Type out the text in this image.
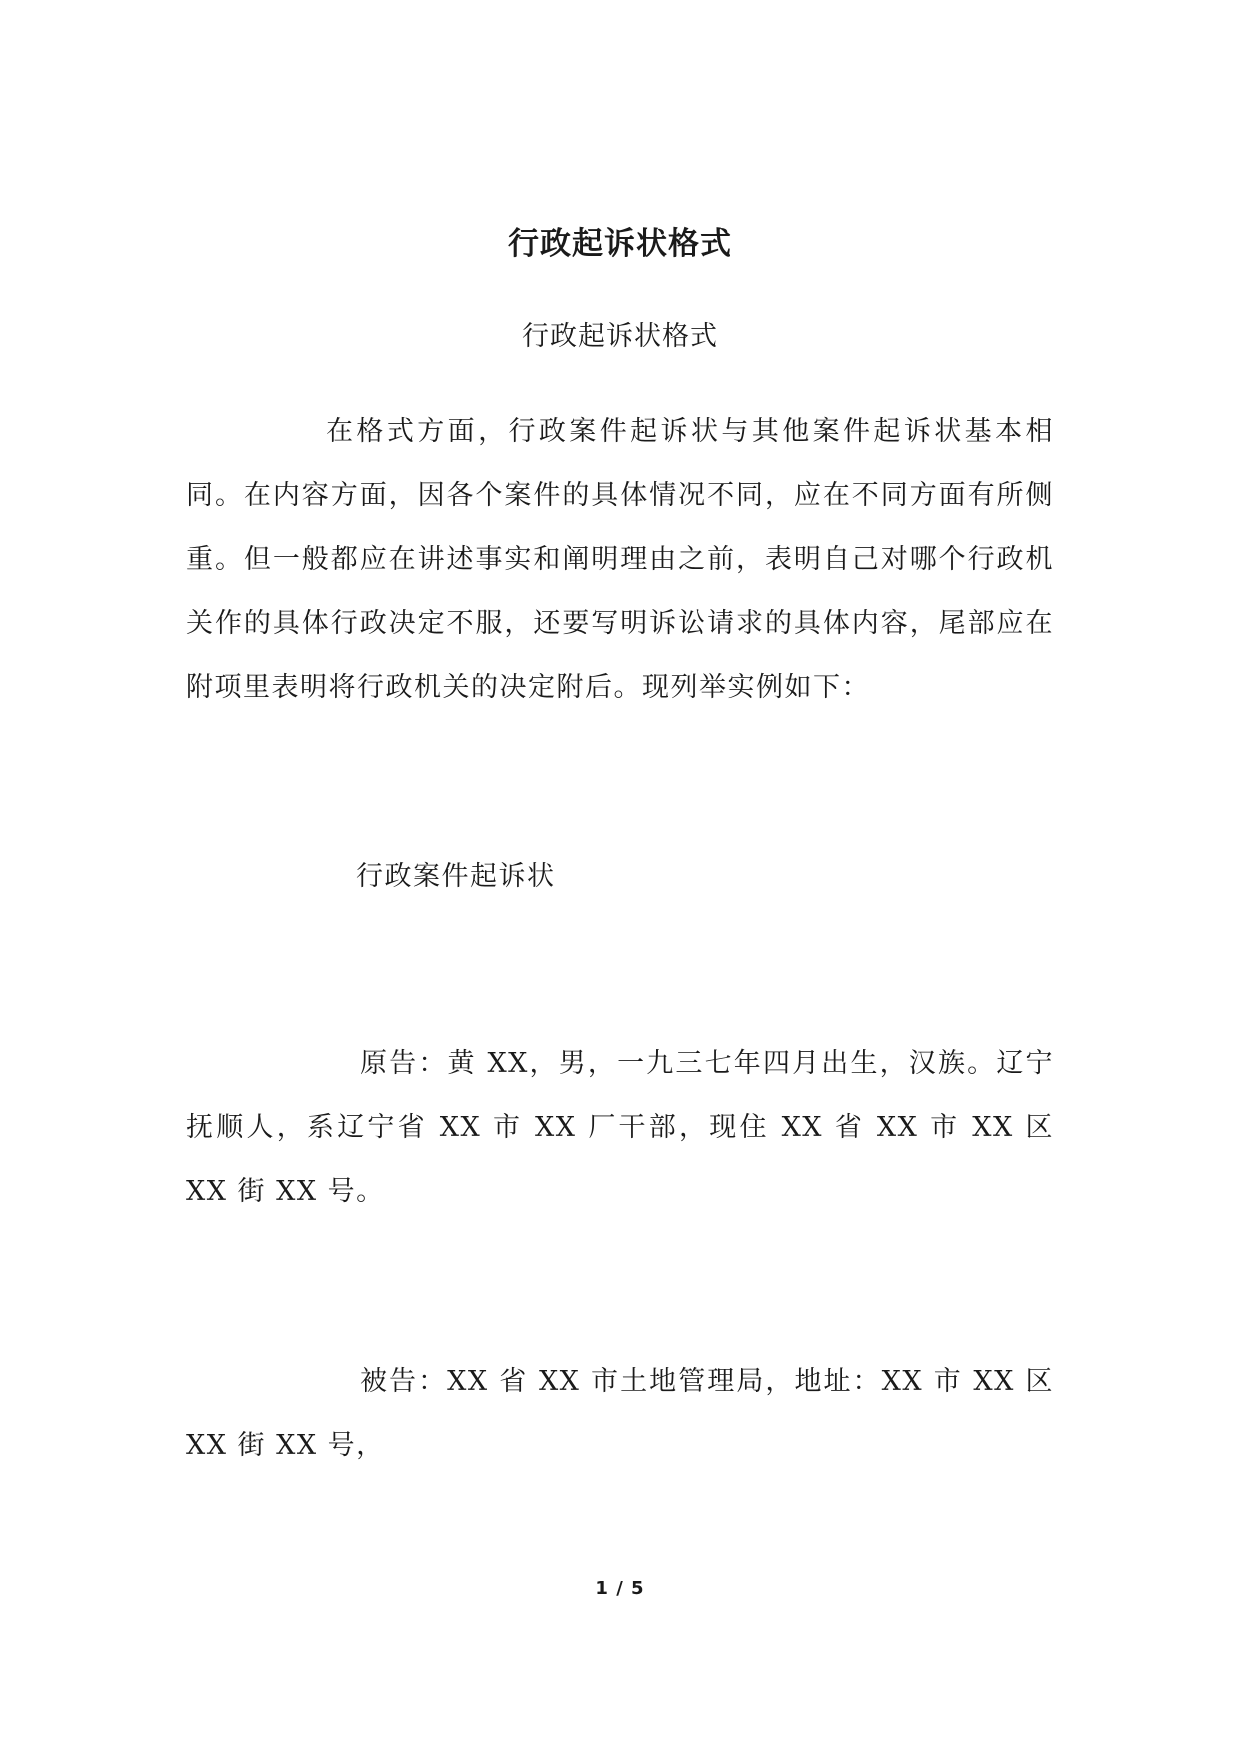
行政起诉状格式
行政起诉状格式

在格式方面，行政案件起诉状与其他案件起诉状基本相同。在内容方面，因各个案件的具体情况不同，应在不同方面有所侧重。但一般都应在讲述事实和阐明理由之前，表明自己对哪个行政机关作的具体行政决定不服，还要写明诉讼请求的具体内容，尾部应在附项里表明将行政机关的决定附后。现列举实例如下：

行政案件起诉状

原告：黄 XX，男，一九三七年四月出生，汉族。辽宁抚顺人，系辽宁省 XX 市 XX 厂干部，现住 XX 省 XX 市 XX 区 XX 街 XX 号。

被告：XX 省 XX 市土地管理局，地址：XX 市 XX 区 XX 街 XX 号，

1 / 5
